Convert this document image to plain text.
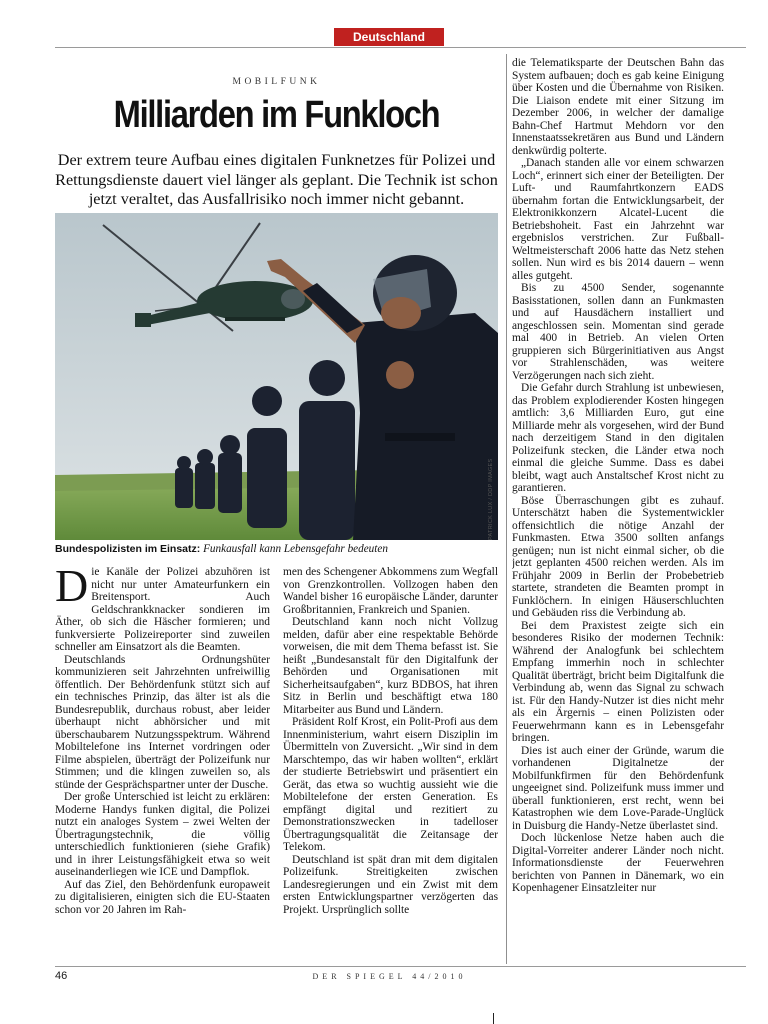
Deutschland
MOBILFUNK
Milliarden im Funkloch
Der extrem teure Aufbau eines digitalen Funknetzes für Polizei und Rettungsdienste dauert viel länger als geplant. Die Technik ist schon jetzt veraltet, das Ausfallrisiko noch immer nicht gebannt.
PATRICK LUX / DDP IMAGES
Bundespolizisten im Einsatz: Funkausfall kann Lebensgefahr bedeuten

Die Kanäle der Polizei abzuhören ist nicht nur unter Amateurfunkern ein Breitensport. Auch Geldschrankknacker sondieren im Äther, ob sich die Häscher formieren; und funkversierte Polizeireporter sind zuweilen schneller am Einsatzort als die Beamten.

Deutschlands Ordnungshüter kommunizieren seit Jahrzehnten unfreiwillig öffentlich. Der Behördenfunk stützt sich auf ein technisches Prinzip, das älter ist als die Bundesrepublik, durchaus robust, aber leider überhaupt nicht abhörsicher und mit überschaubarem Nutzungsspektrum. Während Mobiltelefone ins Internet vordringen oder Filme abspielen, überträgt der Polizeifunk nur Stimmen; und die klingen zuweilen so, als stünde der Gesprächspartner unter der Dusche.

Der große Unterschied ist leicht zu erklären: Moderne Handys funken digital, die Polizei nutzt ein analoges System – zwei Welten der Übertragungstechnik, die völlig unterschiedlich funktionieren (siehe Grafik) und in ihrer Leistungsfähigkeit etwa so weit auseinanderliegen wie ICE und Dampflok.

Auf das Ziel, den Behördenfunk europaweit zu digitalisieren, einigten sich die EU-Staaten schon vor 20 Jahren im Rah-

men des Schengener Abkommens zum Wegfall von Grenzkontrollen. Vollzogen haben den Wandel bisher 16 europäische Länder, darunter Großbritannien, Frankreich und Spanien.

Deutschland kann noch nicht Vollzug melden, dafür aber eine respektable Behörde vorweisen, die mit dem Thema befasst ist. Sie heißt „Bundesanstalt für den Digitalfunk der Behörden und Organisationen mit Sicherheitsaufgaben“, kurz BDBOS, hat ihren Sitz in Berlin und beschäftigt etwa 180 Mitarbeiter aus Bund und Ländern.

Präsident Rolf Krost, ein Polit-Profi aus dem Innenministerium, wahrt eisern Disziplin im Übermitteln von Zuversicht. „Wir sind in dem Marschtempo, das wir haben wollten“, erklärt der studierte Betriebswirt und präsentiert ein Gerät, das etwa so wuchtig aussieht wie die Mobiltelefone der ersten Generation. Es empfängt digital und rezitiert zu Demonstrationszwecken in tadelloser Übertragungsqualität die Zeitansage der Telekom.

Deutschland ist spät dran mit dem digitalen Polizeifunk. Streitigkeiten zwischen Landesregierungen und ein Zwist mit dem ersten Entwicklungspartner verzögerten das Projekt. Ursprünglich sollte

die Telematiksparte der Deutschen Bahn das System aufbauen; doch es gab keine Einigung über Kosten und die Übernahme von Risiken. Die Liaison endete mit einer Sitzung im Dezember 2006, in welcher der damalige Bahn-Chef Hartmut Mehdorn vor den Innenstaatssekretären aus Bund und Ländern denkwürdig polterte.

„Danach standen alle vor einem schwarzen Loch“, erinnert sich einer der Beteiligten. Der Luft- und Raumfahrtkonzern EADS übernahm fortan die Entwicklungsarbeit, der Elektronikkonzern Alcatel-Lucent die Betriebshoheit. Fast ein Jahrzehnt war ergebnislos verstrichen. Zur Fußball-Weltmeisterschaft 2006 hatte das Netz stehen sollen. Nun wird es bis 2014 dauern – wenn alles gutgeht.

Bis zu 4500 Sender, sogenannte Basisstationen, sollen dann an Funkmasten und auf Hausdächern installiert und angeschlossen sein. Momentan sind gerade mal 400 in Betrieb. An vielen Orten gruppieren sich Bürgerinitiativen aus Angst vor Strahlenschäden, was weitere Verzögerungen nach sich zieht.

Die Gefahr durch Strahlung ist unbewiesen, das Problem explodierender Kosten hingegen amtlich: 3,6 Milliarden Euro, gut eine Milliarde mehr als vorgesehen, wird der Bund nach derzeitigem Stand in den digitalen Polizeifunk stecken, die Länder etwa noch einmal die gleiche Summe. Dass es dabei bleibt, wagt auch Anstaltschef Krost nicht zu garantieren.

Böse Überraschungen gibt es zuhauf. Unterschätzt haben die Systementwickler offensichtlich die nötige Anzahl der Funkmasten. Etwa 3500 sollten anfangs genügen; nun ist nicht einmal sicher, ob die jetzt geplanten 4500 reichen werden. Als im Frühjahr 2009 in Berlin der Probebetrieb startete, strandeten die Beamten prompt in Funklöchern. In einigen Häuserschluchten und Gebäuden riss die Verbindung ab.

Bei dem Praxistest zeigte sich ein besonderes Risiko der modernen Technik: Während der Analogfunk bei schlechtem Empfang immerhin noch in schlechter Qualität überträgt, bricht beim Digitalfunk die Verbindung ab, wenn das Signal zu schwach ist. Für den Handy-Nutzer ist dies nicht mehr als ein Ärgernis – einen Polizisten oder Feuerwehrmann kann es in Lebensgefahr bringen.

Dies ist auch einer der Gründe, warum die vorhandenen Digitalnetze der Mobilfunkfirmen für den Behördenfunk ungeeignet sind. Polizeifunk muss immer und überall funktionieren, erst recht, wenn bei Katastrophen wie dem Love-Parade-Unglück in Duisburg die Handy-Netze überlastet sind.

Doch lückenlose Netze haben auch die Digital-Vorreiter anderer Länder noch nicht. Informationsdienste der Feuerwehren berichten von Pannen in Dänemark, wo ein Kopenhagener Einsatzleiter nur

46	DER SPIEGEL 44/2010
